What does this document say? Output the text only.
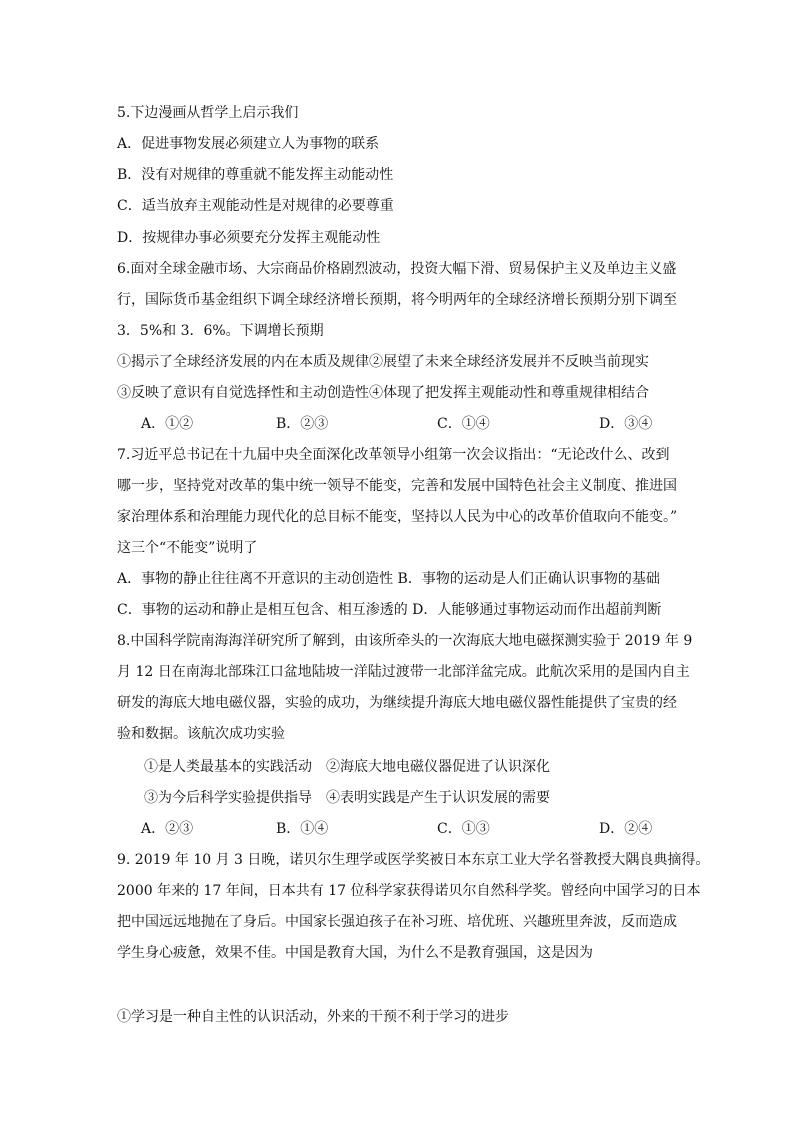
5.下边漫画从哲学上启示我们
A．促进事物发展必须建立人为事物的联系
B．没有对规律的尊重就不能发挥主动能动性
C．适当放弃主观能动性是对规律的必要尊重
D．按规律办事必须要充分发挥主观能动性
6.面对全球金融市场、大宗商品价格剧烈波动，投资大幅下滑、贸易保护主义及单边主义盛
行，国际货币基金组织下调全球经济增长预期，将今明两年的全球经济增长预期分别下调至
3．5%和 3．6%。下调增长预期
①揭示了全球经济发展的内在本质及规律②展望了未来全球经济发展并不反映当前现实
③反映了意识有自觉选择性和主动创造性④体现了把发挥主观能动性和尊重规律相结合
A．①②	B．②③	C．①④	D．③④
7.习近平总书记在十九届中央全面深化改革领导小组第一次会议指出：“无论改什么、改到
哪一步，坚持党对改革的集中统一领导不能变，完善和发展中国特色社会主义制度、推进国
家治理体系和治理能力现代化的总目标不能变，坚持以人民为中心的改革价值取向不能变。”
这三个“不能变”说明了
A．事物的静止往往离不开意识的主动创造性 B．事物的运动是人们正确认识事物的基础
C．事物的运动和静止是相互包含、相互渗透的 D．人能够通过事物运动而作出超前判断
8.中国科学院南海海洋研究所了解到，由该所牵头的一次海底大地电磁探测实验于 2019 年 9
月 12 日在南海北部珠江口盆地陆坡一洋陆过渡带一北部洋盆完成。此航次采用的是国内自主
研发的海底大地电磁仪器，实验的成功，为继续提升海底大地电磁仪器性能提供了宝贵的经
验和数据。该航次成功实验
①是人类最基本的实践活动　②海底大地电磁仪器促进了认识深化
③为今后科学实验提供指导　④表明实践是产生于认识发展的需要
A．②③	B．①④	C．①③	D．②④
9. 2019 年 10 月 3 日晚，诺贝尔生理学或医学奖被日本东京工业大学名誉教授大隅良典摘得。
2000 年来的 17 年间，日本共有 17 位科学家获得诺贝尔自然科学奖。曾经向中国学习的日本
把中国远远地抛在了身后。中国家长强迫孩子在补习班、培优班、兴趣班里奔波，反而造成
学生身心疲惫，效果不佳。中国是教育大国，为什么不是教育强国，这是因为
①学习是一种自主性的认识活动，外来的干预不利于学习的进步
